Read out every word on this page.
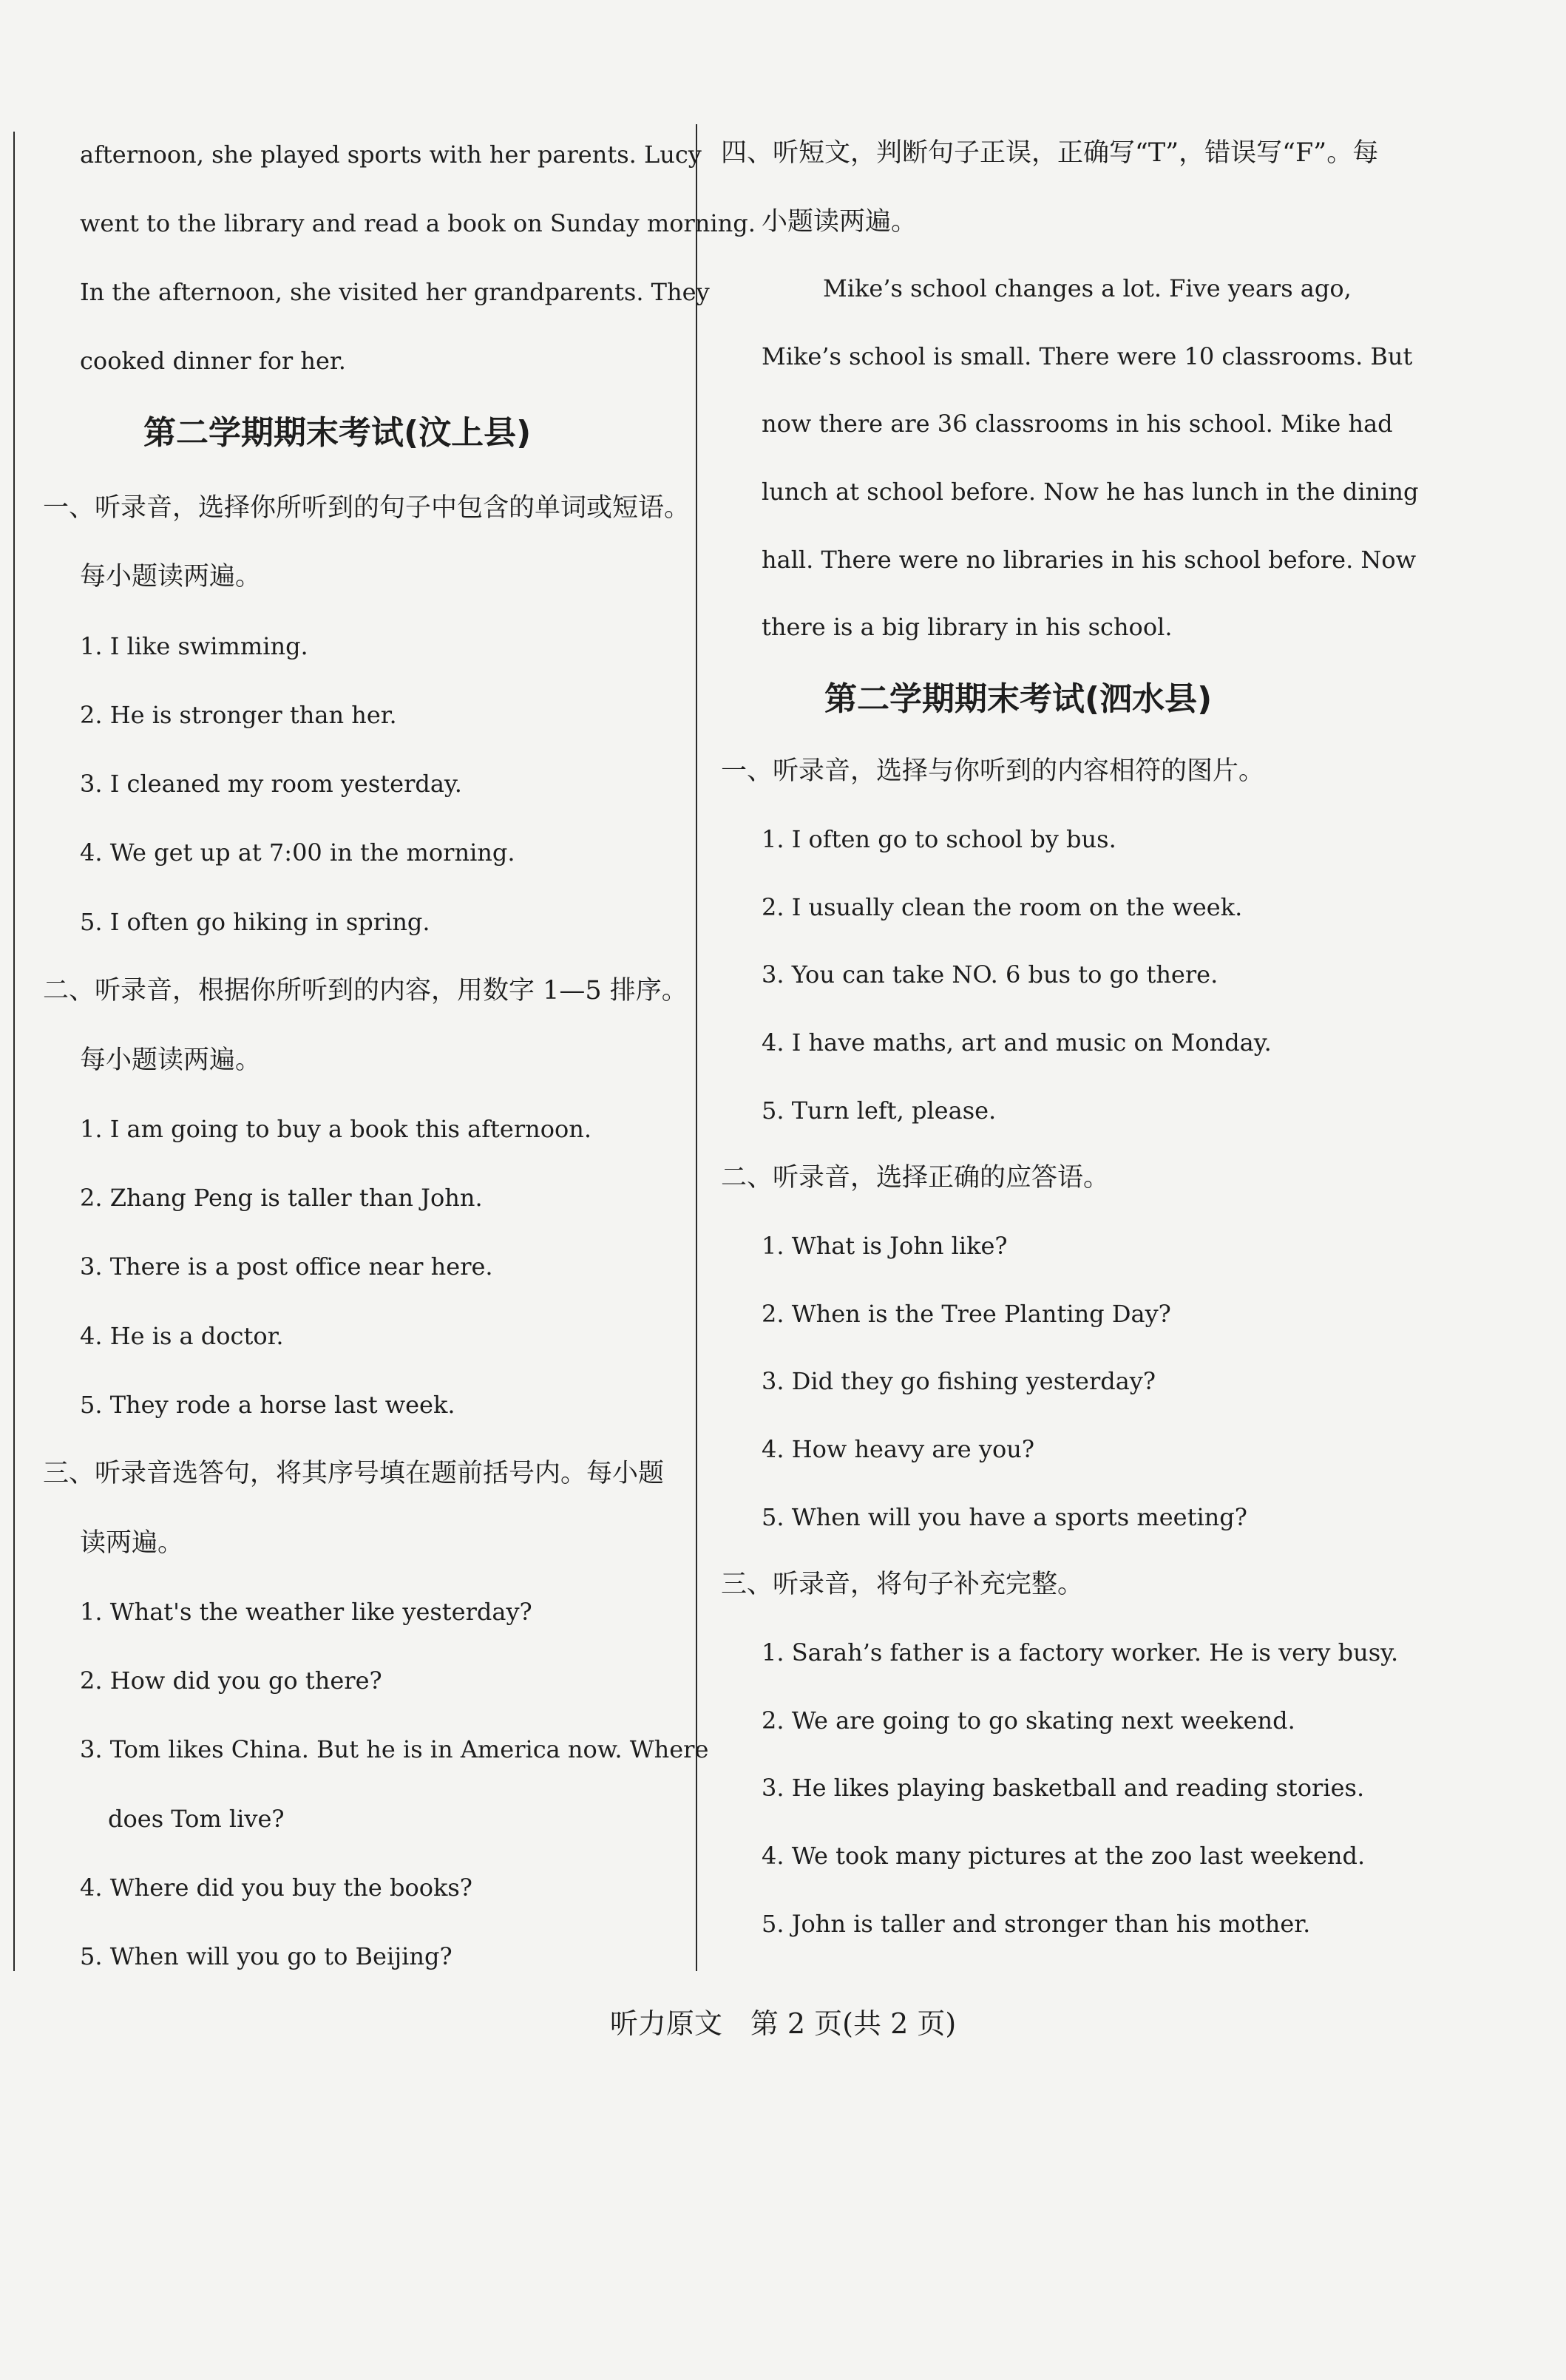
afternoon, she played sports with her parents. Lucy
went to the library and read a book on Sunday morning.
In the afternoon, she visited her grandparents. They
cooked dinner for her.
第二学期期末考试(汶上县)
一、听录音，选择你所听到的句子中包含的单词或短语。
每小题读两遍。
1. I like swimming.
2. He is stronger than her.
3. I cleaned my room yesterday.
4. We get up at 7:00 in the morning.
5. I often go hiking in spring.
二、听录音，根据你所听到的内容，用数字 1—5 排序。
每小题读两遍。
1. I am going to buy a book this afternoon.
2. Zhang Peng is taller than John.
3. There is a post office near here.
4. He is a doctor.
5. They rode a horse last week.
三、听录音选答句，将其序号填在题前括号内。每小题
读两遍。
1. What's the weather like yesterday?
2. How did you go there?
3. Tom likes China. But he is in America now. Where
does Tom live?
4. Where did you buy the books?
5. When will you go to Beijing?
四、听短文，判断句子正误，正确写“T”，错误写“F”。每
小题读两遍。
Mike’s school changes a lot. Five years ago,
Mike’s school is small. There were 10 classrooms. But
now there are 36 classrooms in his school. Mike had
lunch at school before. Now he has lunch in the dining
hall. There were no libraries in his school before. Now
there is a big library in his school.
第二学期期末考试(泗水县)
一、听录音，选择与你听到的内容相符的图片。
1. I often go to school by bus.
2. I usually clean the room on the week.
3. You can take NO. 6 bus to go there.
4. I have maths, art and music on Monday.
5. Turn left, please.
二、听录音，选择正确的应答语。
1. What is John like?
2. When is the Tree Planting Day?
3. Did they go fishing yesterday?
4. How heavy are you?
5. When will you have a sports meeting?
三、听录音，将句子补充完整。
1. Sarah’s father is a factory worker. He is very busy.
2. We are going to go skating next weekend.
3. He likes playing basketball and reading stories.
4. We took many pictures at the zoo last weekend.
5. John is taller and stronger than his mother.
听力原文　第 2 页(共 2 页)
